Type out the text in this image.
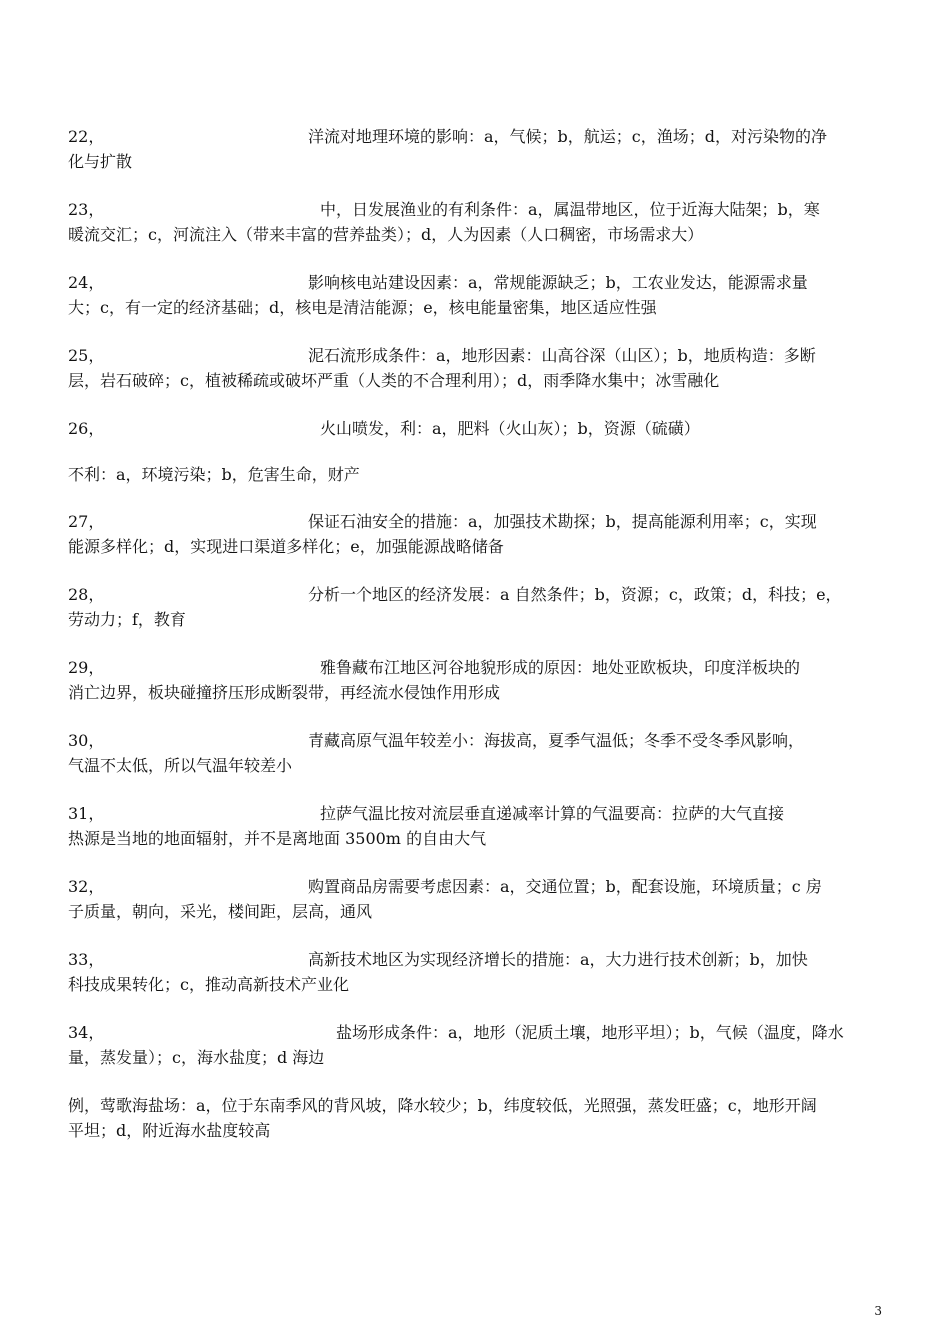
22，	洋流对地理环境的影响：a，气候；b，航运；c，渔场；d，对污染物的净
化与扩散
23，	中，日发展渔业的有利条件：a，属温带地区，位于近海大陆架；b，寒
暖流交汇；c，河流注入（带来丰富的营养盐类）；d，人为因素（人口稠密，市场需求大）
24，	影响核电站建设因素：a，常规能源缺乏；b，工农业发达，能源需求量
大；c，有一定的经济基础；d，核电是清洁能源；e，核电能量密集，地区适应性强
25，	泥石流形成条件：a，地形因素：山高谷深（山区）；b，地质构造：多断
层，岩石破碎；c，植被稀疏或破坏严重（人类的不合理利用）；d，雨季降水集中；冰雪融化
26，	火山喷发，利：a，肥料（火山灰）；b，资源（硫磺）
不利：a，环境污染；b，危害生命，财产
27，	保证石油安全的措施：a，加强技术勘探；b，提高能源利用率；c，实现
能源多样化；d，实现进口渠道多样化；e，加强能源战略储备
28，	分析一个地区的经济发展：a 自然条件；b，资源；c，政策；d，科技；e，
劳动力；f，教育
29，	雅鲁藏布江地区河谷地貌形成的原因：地处亚欧板块，印度洋板块的
消亡边界，板块碰撞挤压形成断裂带，再经流水侵蚀作用形成
30，	青藏高原气温年较差小：海拔高，夏季气温低；冬季不受冬季风影响，
气温不太低，所以气温年较差小
31，	拉萨气温比按对流层垂直递减率计算的气温要高：拉萨的大气直接
热源是当地的地面辐射，并不是离地面 3500m 的自由大气
32，	购置商品房需要考虑因素：a，交通位置；b，配套设施，环境质量；c 房
子质量，朝向，采光，楼间距，层高，通风
33，	高新技术地区为实现经济增长的措施：a，大力进行技术创新；b，加快
科技成果转化；c，推动高新技术产业化
34，	盐场形成条件：a，地形（泥质土壤，地形平坦）；b，气候（温度，降水
量，蒸发量）；c，海水盐度；d 海边
例，莺歌海盐场：a，位于东南季风的背风坡，降水较少；b，纬度较低，光照强，蒸发旺盛；c，地形开阔
平坦；d，附近海水盐度较高
3
